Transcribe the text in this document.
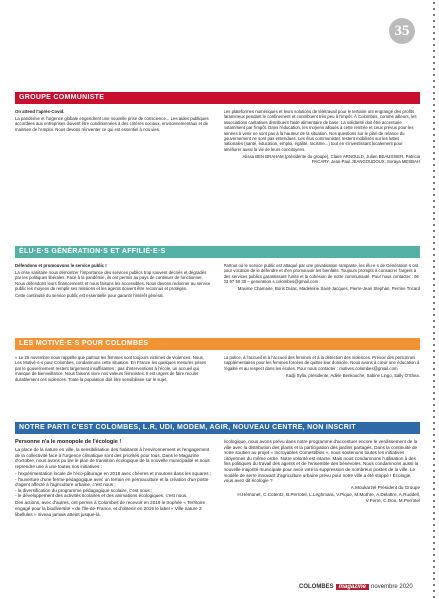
35
GROUPE COMMUNISTE

On attend l'après-Covid.

La pandémie et l'urgence globale engendrent une nouvelle prise de conscience... Les aides publiques accordées aux entreprises doivent être conditionnées à des critères sociaux, environnementaux et de maintien de l'emploi. Nous devons réinventer ce qui est essentiel à nos vies.

Les plateformes numériques et leurs solutions de télétravail pour le tertiaire ont engrangé des profits faramineux pendant le confinement et contribuent très peu à l'impôt. À Colombes, comme ailleurs, les associations caritatives distribuent l'aide alimentaire de base. La solidarité doit être accentuée notamment par l'impôt. Dans l'éducation, les moyens alloués à cette rentrée et ceux prévus pour les années à venir ne sont pas à la hauteur de la situation. Nos questions sur le plan de relance du gouvernement ne sont pas entendues. Les élus communistes restent mobilisés sur les luttes nationales (santé, éducation, emploi, égalité, racisme...) tout en s'investissant localement pour améliorer aussi la vie de leurs concitoyens.

Alissa BEN BRAHAM (présidente du groupe), Claire ARNOULD, Julien BEAUSSIER, Patricia PACARY, Jean-Paul JEANGOUDOUX, Soraya MESBAH

ÉLU·E·S GÉNÉRATION·S ET AFFILIÉ·E·S

Défendons et promouvons le service public !

La crise sanitaire nous démontrer l'importance des services publics trop souvent décriés et dégradés par les politiques libérales. Face à la pandémie, ils ont permis au pays de continuer de fonctionner. Nous défendons leurs financements et nous faisons les accessibles. Nous devons redonner au service public les moyens de remplir ses missions et les agents doivent être reconnus et protégés.

Cette continuité du service public est essentielle pour garantir l'intérêt général.

Partout où le service public est attaqué par une privatisation rampante, les élu·e·s de Génération·s ont pour vocation de le défendre et d'en promouvoir les bienfaits. Toujours prompts à consacrer l'argent à des services publics garantissant l'unité et la cohésion de notre communauté. Pour nous contacter : 06 03 97 50 30 – generation.s.colombes@gmail.com

Maxime Chamaire, Boris Dulac, Madeleine Saint-Jacques, Pierre-Jean Stephan, Perrine Tricard

LES MOTIVÉ·E·S POUR COLOMBES

« Le 25 novembre nous rappelle que partout les femmes sont toujours victimes de violences. Nous, Les Motivé·e·s pour Colombes, condamnons cette situation. En France les quelques mesures prises par le gouvernement restent largement insuffisantes : pas d'interventions à l'école, un accueil qui manque de bienveillance. Nous faisons vivre nos valeurs féministes. Il est urgent de faire reculer durablement ces violences. Toute la population doit être sensibilisée sur le sujet.

La police, à l'accueil et à l'accueil des femmes et à la détection des violences. Prévoir des personnes supplémentaires pour les femmes forcées de quitter leur domicile. Nous avons à cœur une éducation à l'égalité et au respect dans les écoles. Pour nous contacter : motives.colombes@gmail.com

Kadji Sylla, présidente, Adèle Benkouche, Sabine Lingo, Sally O'Shea.

NOTRE PARTI C'EST COLOMBES, L.R, UDI, MODEM, AGIR, NOUVEAU CENTRE, NON INSCRIT

Personne n'a le monopole de l'écologie !

La place de la nature en ville, la sensibilisation des habitants à l'environnement et l'engagement de la collectivité face à l'urgence climatique sont des priorités pour tous. Dans le Magazine d'octobre, nous avons pu lire le plan de transition écologique de la nouvelle municipalité et nous reprendre une à une toutes nos initiatives :

- l'expérimentation locale de l'éco-pâturage en 2018 avec chèvres et moutons dans les squares ;
- l'ouverture d'une ferme pédagogique avec un terrain en permaculture et la création d'un poste d'agent affecté à l'agriculture urbaine, c'est nous ;
- la diversification du programme pédagogique scolaire, c'est nous ;
- le développement des activités scolaires et des animations écologiques, c'est nous.

Des actions, avec d'autres, ont permis à Colombes de recevoir en 2019 le trophée « Territoire engagé pour la biodiversité » de l'Île-de-France, et d'obtenir en 2019 le label « Ville nature 3 libellules » niveau jamais atteint jusque-là.

écologique, nous avons prévu dans notre programme d'accentuer encore le verdissement de la ville avec la distribution des plants et la participation des jardins partagés. Dans la continuité de notre soutien au projet « Incroyables Comestibles », nous soutenons toutes les initiatives citoyennes du même ordre. Notre volonté est intacte. Mais nous condamnons l'utilisation à des fins politiques du travail des agents et de l'ensemble des bénévoles. Nous condamnons aussi la nouvelle majorité municipale pour avoir voté la suppression de nombreux postes de la ville. Le modèle de serre innovant d'agriculture urbaine prévu pour notre ville a été stoppé ! Écologie, vous avez dit écologie ?

A.Moukarzel Président du Groupe

H.Hémonet, C.Cotentz, B.Perrotel, L.Leghmara, V.Pique, M.Mothre, A.Delattre, A.Ruddell, V.Ferre, C.Don, M.Perrotel

COLOMBES magazine novembre 2020
